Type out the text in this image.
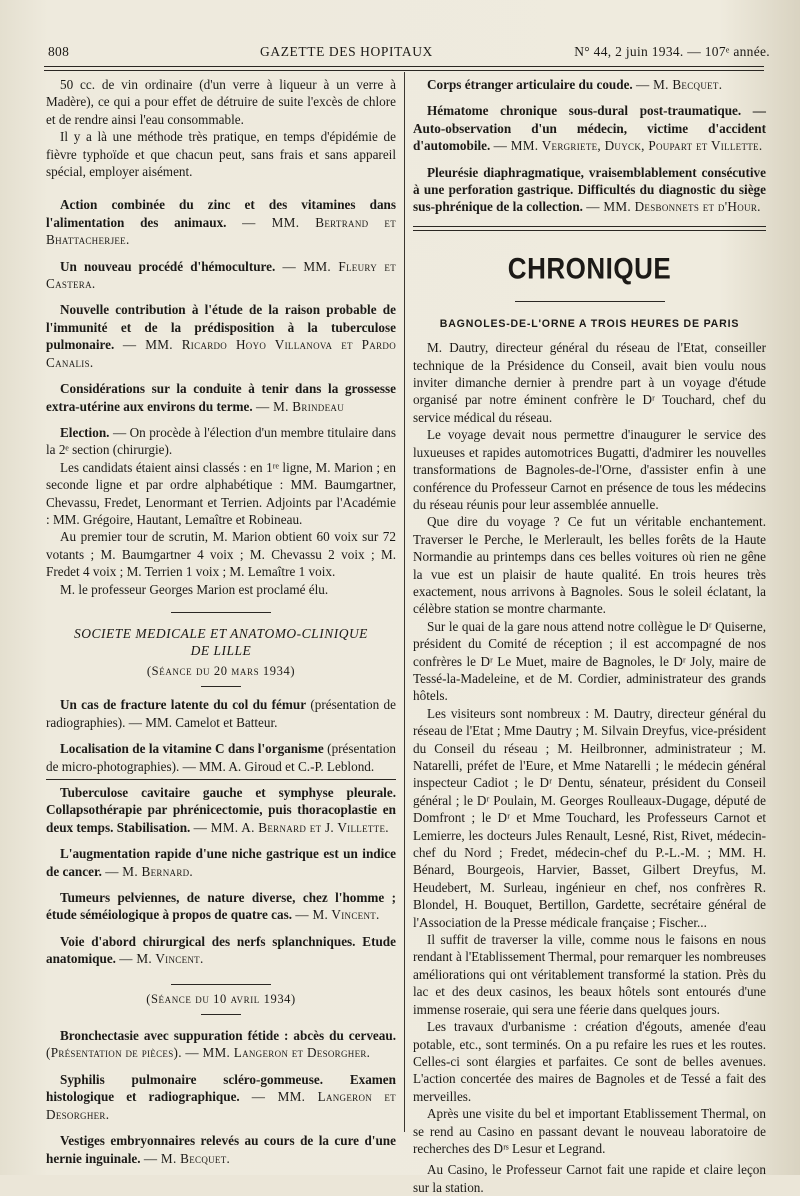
808	GAZETTE DES HOPITAUX	N° 44, 2 juin 1934. — 107ᵉ année.

50 cc. de vin ordinaire (d'un verre à liqueur à un verre à Madère), ce qui a pour effet de détruire de suite l'excès de chlore et de rendre ainsi l'eau consommable.

Il y a là une méthode très pratique, en temps d'épidémie de fièvre typhoïde et que chacun peut, sans frais et sans appareil spécial, employer aisément.

Action combinée du zinc et des vitamines dans l'alimentation des animaux. — MM. Bertrand et Bhattacherjee.

Un nouveau procédé d'hémoculture. — MM. Fleury et Castera.

Nouvelle contribution à l'étude de la raison probable de l'immunité et de la prédisposition à la tuberculose pulmonaire. — MM. Ricardo Hoyo Villanova et Pardo Canalis.

Considérations sur la conduite à tenir dans la grossesse extra-utérine aux environs du terme. — M. Brindeau

Election. — On procède à l'élection d'un membre titulaire dans la 2ᵉ section (chirurgie).

Les candidats étaient ainsi classés : en 1ʳᵉ ligne, M. Marion ; en seconde ligne et par ordre alphabétique : MM. Baumgartner, Chevassu, Fredet, Lenormant et Terrien. Adjoints par l'Académie : MM. Grégoire, Hautant, Lemaître et Robineau.

Au premier tour de scrutin, M. Marion obtient 60 voix sur 72 votants ; M. Baumgartner 4 voix ; M. Chevassu 2 voix ; M. Fredet 4 voix ; M. Terrien 1 voix ; M. Lemaître 1 voix.

M. le professeur Georges Marion est proclamé élu.

SOCIETE MEDICALE ET ANATOMO-CLINIQUE
DE LILLE
(Séance du 20 mars 1934)

Un cas de fracture latente du col du fémur (présentation de radiographies). — MM. Camelot et Batteur.

Localisation de la vitamine C dans l'organisme (présentation de micro-photographies). — MM. A. Giroud et C.-P. Leblond.

Tuberculose cavitaire gauche et symphyse pleurale. Collapsothérapie par phrénicectomie, puis thoracoplastie en deux temps. Stabilisation. — MM. A. Bernard et J. Villette.

L'augmentation rapide d'une niche gastrique est un indice de cancer. — M. Bernard.

Tumeurs pelviennes, de nature diverse, chez l'homme ; étude séméiologique à propos de quatre cas. — M. Vincent.

Voie d'abord chirurgical des nerfs splanchniques. Etude anatomique. — M. Vincent.

(Séance du 10 avril 1934)

Bronchectasie avec suppuration fétide : abcès du cerveau. (Présentation de pièces). — MM. Langeron et Desorgher.

Syphilis pulmonaire scléro-gommeuse. Examen histologique et radiographique. — MM. Langeron et Desorgher.

Vestiges embryonnaires relevés au cours de la cure d'une hernie inguinale. — M. Becquet.

Corps étranger articulaire du coude. — M. Becquet.

Hématome chronique sous-dural post-traumatique. — Auto-observation d'un médecin, victime d'accident d'automobile. — MM. Vergriete, Duyck, Poupart et Villette.

Pleurésie diaphragmatique, vraisemblablement consécutive à une perforation gastrique. Difficultés du diagnostic du siège sus-phrénique de la collection. — MM. Desbonnets et d'Hour.

CHRONIQUE
BAGNOLES-DE-L'ORNE A TROIS HEURES DE PARIS

M. Dautry, directeur général du réseau de l'Etat, conseiller technique de la Présidence du Conseil, avait bien voulu nous inviter dimanche dernier à prendre part à un voyage d'étude organisé par notre éminent confrère le Dʳ Touchard, chef du service médical du réseau.

Le voyage devait nous permettre d'inaugurer le service des luxueuses et rapides automotrices Bugatti, d'admirer les nouvelles transformations de Bagnoles-de-l'Orne, d'assister enfin à une conférence du Professeur Carnot en présence de tous les médecins du réseau réunis pour leur assemblée annuelle.

Que dire du voyage ? Ce fut un véritable enchantement. Traverser le Perche, le Merlerault, les belles forêts de la Haute Normandie au printemps dans ces belles voitures où rien ne gêne la vue est un plaisir de haute qualité. En trois heures très exactement, nous arrivons à Bagnoles. Sous le soleil éclatant, la célèbre station se montre charmante.

Sur le quai de la gare nous attend notre collègue le Dʳ Quiserne, président du Comité de réception ; il est accompagné de nos confrères le Dʳ Le Muet, maire de Bagnoles, le Dʳ Joly, maire de Tessé-la-Madeleine, et de M. Cordier, administrateur des grands hôtels.

Les visiteurs sont nombreux : M. Dautry, directeur général du réseau de l'Etat ; Mme Dautry ; M. Silvain Dreyfus, vice-président du Conseil du réseau ; M. Heilbronner, administrateur ; M. Natarelli, préfet de l'Eure, et Mme Natarelli ; le médecin général inspecteur Cadiot ; le Dʳ Dentu, sénateur, président du Conseil général ; le Dʳ Poulain, M. Georges Roulleaux-Dugage, député de Domfront ; le Dʳ et Mme Touchard, les Professeurs Carnot et Lemierre, les docteurs Jules Renault, Lesné, Rist, Rivet, médecin-chef du Nord ; Fredet, médecin-chef du P.-L.-M. ; MM. H. Bénard, Bourgeois, Harvier, Basset, Gilbert Dreyfus, M. Heudebert, M. Surleau, ingénieur en chef, nos confrères R. Blondel, H. Bouquet, Bertillon, Gardette, secrétaire général de l'Association de la Presse médicale française ; Fischer...

Il suffit de traverser la ville, comme nous le faisons en nous rendant à l'Etablissement Thermal, pour remarquer les nombreuses améliorations qui ont véritablement transformé la station. Près du lac et des deux casinos, les beaux hôtels sont entourés d'une immense roseraie, qui sera une féerie dans quelques jours.

Les travaux d'urbanisme : création d'égouts, amenée d'eau potable, etc., sont terminés. On a pu refaire les rues et les routes. Celles-ci sont élargies et parfaites. Ce sont de belles avenues. L'action concertée des maires de Bagnoles et de Tessé a fait des merveilles.

Après une visite du bel et important Etablissement Thermal, on se rend au Casino en passant devant le nouveau laboratoire de recherches des Dʳˢ Lesur et Legrand.

Au Casino, le Professeur Carnot fait une rapide et claire leçon sur la station.
